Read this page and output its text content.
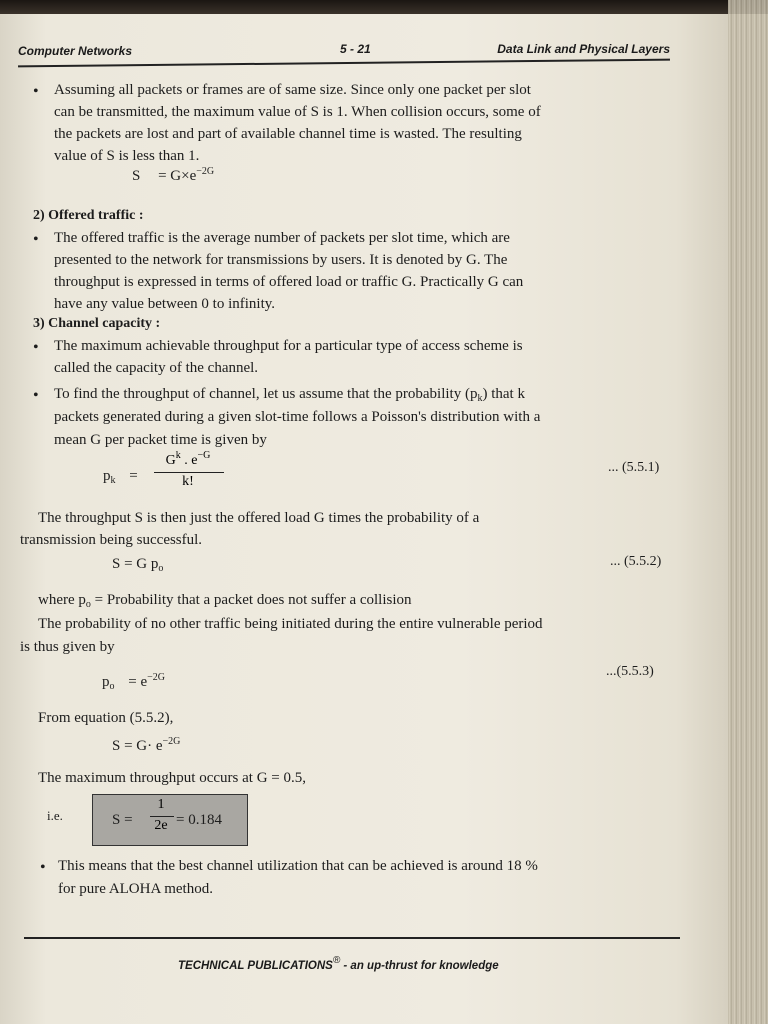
Computer Networks	5 - 21	Data Link and Physical Layers
• Assuming all packets or frames are of same size. Since only one packet per slot
can be transmitted, the maximum value of S is 1. When collision occurs, some of
the packets are lost and part of available channel time is wasted. The resulting
value of S is less than 1.
$S = G\times e^{-2G}$
2) Offered traffic :
• The offered traffic is the average number of packets per slot time, which are
presented to the network for transmissions by users. It is denoted by G. The
throughput is expressed in terms of offered load or traffic G. Practically G can
have any value between 0 to infinity.
3) Channel capacity :
• The maximum achievable throughput for a particular type of access scheme is
called the capacity of the channel.
• To find the throughput of channel, let us assume that the probability $(p_k)$ that k
packets generated during a given slot-time follows a Poisson's distribution with a
mean G per packet time is given by
$p_k$ =
$G^k$ . $e^{-G}$
k!
... (5.5.1)
The throughput S is then just the offered load G times the probability of a
transmission being successful.
S = G $p_o$	... (5.5.2)
where $p_o$ = Probability that a packet does not suffer a collision
The probability of no other traffic being initiated during the entire vulnerable period
is thus given by
$p_o = e^{-2G}$	...(5.5.3)
From equation (5.5.2),
$S = G\cdot e^{-2G}$
The maximum throughput occurs at G = 0.5,
i.e.	S =
1
2e = 0.184
• This means that the best channel utilization that can be achieved is around 18 %
for pure ALOHA method.
TECHNICAL PUBLICATIONS® - an up-thrust for knowledge
